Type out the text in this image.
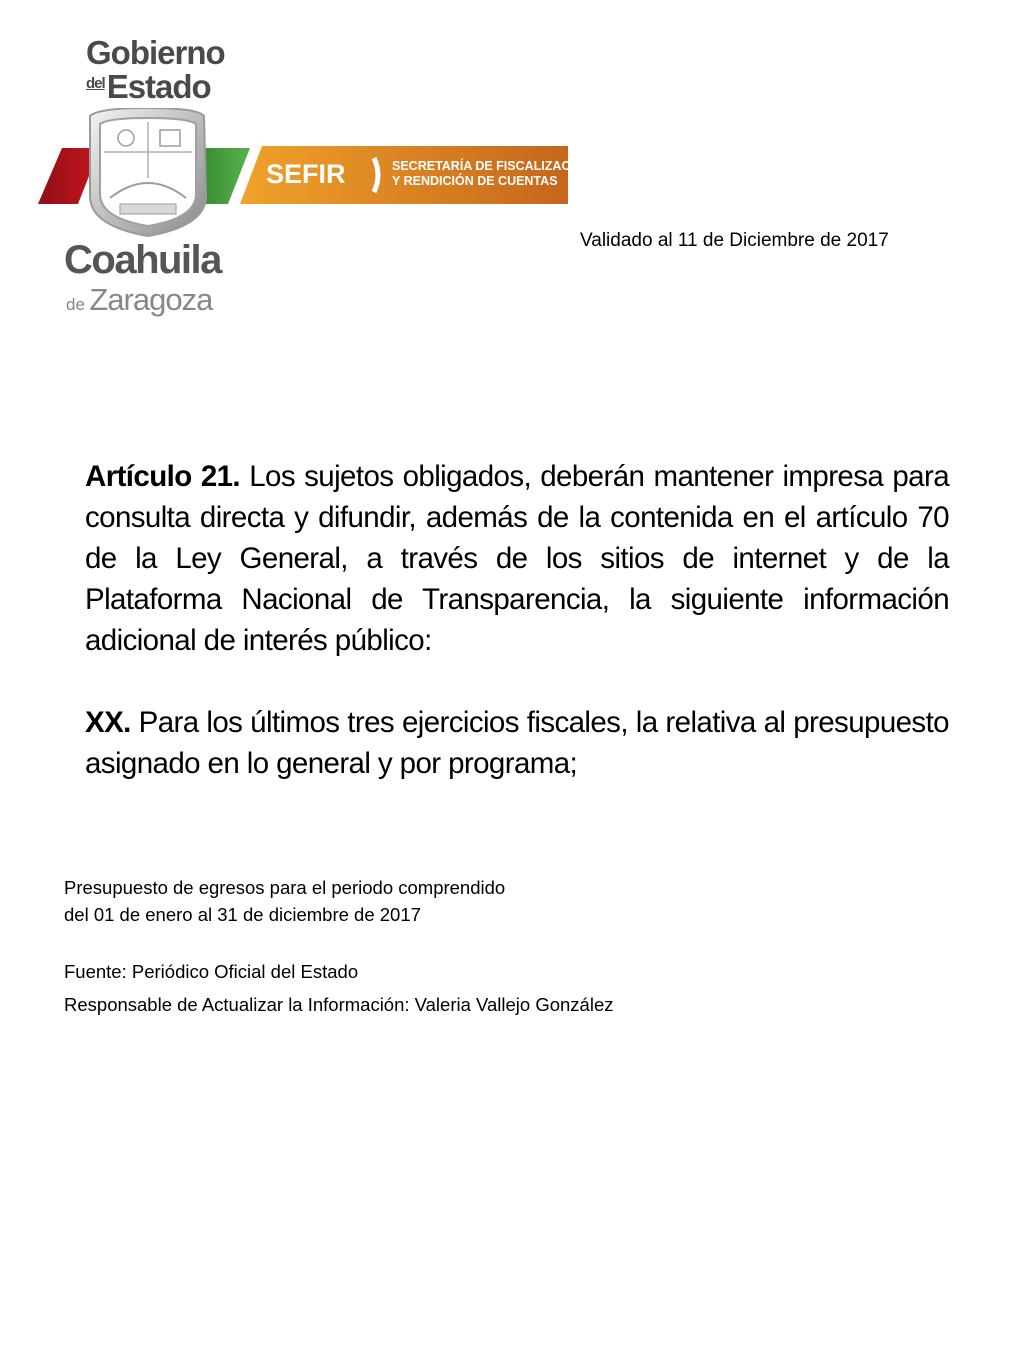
Gobierno
$^{del}$Estado
SEFIR	SECRETARÍA DE FISCALIZACIÓN
Y RENDICIÓN DE CUENTAS
Coahuila
de Zaragoza
Validado al 11 de Diciembre de 2017

Artículo 21. Los sujetos obligados, deberán mantener impresa para consulta directa y difundir, además de la contenida en el artículo 70 de la Ley General, a través de los sitios de internet y de la Plataforma Nacional de Transparencia, la siguiente información adicional de interés público:

XX. Para los últimos tres ejercicios fiscales, la relativa al presupuesto asignado en lo general y por programa;

Presupuesto de egresos para el periodo comprendido

del 01 de enero al 31 de diciembre de 2017

Fuente: Periódico Oficial del Estado

Responsable de Actualizar la Información: Valeria Vallejo González
